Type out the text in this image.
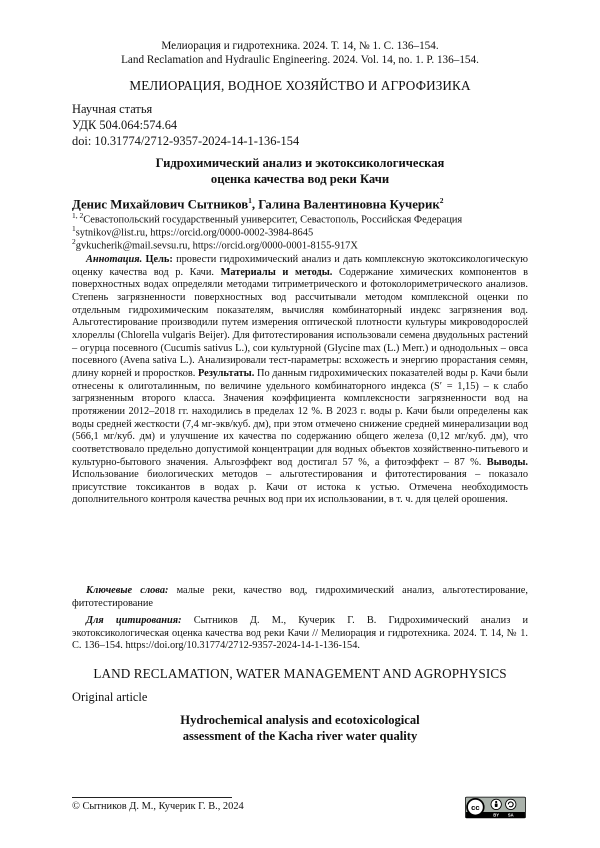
Мелиорация и гидротехника. 2024. Т. 14, № 1. С. 136–154.
Land Reclamation and Hydraulic Engineering. 2024. Vol. 14, no. 1. P. 136–154.
МЕЛИОРАЦИЯ, ВОДНОЕ ХОЗЯЙСТВО И АГРОФИЗИКА
Научная статья
УДК 504.064:574.64
doi: 10.31774/2712-9357-2024-14-1-136-154
Гидрохимический анализ и экотоксикологическая
оценка качества вод реки Качи
Денис Михайлович Сытников$^1$, Галина Валентиновна Кучерик$^2$
$^{1, 2}$Севастопольский государственный университет, Севастополь, Российская Федерация
$^1$sytnikov@list.ru, https://orcid.org/0000-0002-3984-8645
$^2$gvkucherik@mail.sevsu.ru, https://orcid.org/0000-0001-8155-917X
Аннотация. Цель: провести гидрохимический анализ и дать комплексную экотоксикологическую оценку качества вод р. Качи. Материалы и методы. Содержание химических компонентов в поверхностных водах определяли методами титриметрического и фотоколориметрического анализов. Степень загрязненности поверхностных вод рассчитывали методом комплексной оценки по отдельным гидрохимическим показателям, вычисляя комбинаторный индекс загрязнения вод. Альготестирование производили путем измерения оптической плотности культуры микроводорослей хлореллы (Chlorella vulgaris Beijer). Для фитотестирования использовали семена двудольных растений – огурца посевного (Cucumis sativus L.), сои культурной (Glycine max (L.) Merr.) и однодольных – овса посевного (Avena sativa L.). Анализировали тест-параметры: всхожесть и энергию прорастания семян, длину корней и проростков. Результаты. По данным гидрохимических показателей воды р. Качи были отнесены к олиготалинным, по величине удельного комбинаторного индекса (S′ = 1,15) – к слабо загрязненным второго класса. Значения коэффициента комплексности загрязненности вод на протяжении 2012–2018 гг. находились в пределах 12 %. В 2023 г. воды р. Качи были определены как воды средней жесткости (7,4 мг-экв/куб. дм), при этом отмечено снижение средней минерализации вод (566,1 мг/куб. дм) и улучшение их качества по содержанию общего железа (0,12 мг/куб. дм), что соответствовало предельно допустимой концентрации для водных объектов хозяйственно-питьевого и культурно-бытового значения. Альгоэффект вод достигал 57 %, а фитоэффект – 87 %. Выводы. Использование биологических методов – альготестирования и фитотестирования – показало присутствие токсикантов в водах р. Качи от истока к устью. Отмечена необходимость дополнительного контроля качества речных вод при их использовании, в т. ч. для целей орошения.
Ключевые слова: малые реки, качество вод, гидрохимический анализ, альготестирование, фитотестирование
Для цитирования: Сытников Д. М., Кучерик Г. В. Гидрохимический анализ и экотоксикологическая оценка качества вод реки Качи // Мелиорация и гидротехника. 2024. Т. 14, № 1. С. 136–154. https://doi.org/10.31774/2712-9357-2024-14-1-136-154.
LAND RECLAMATION, WATER MANAGEMENT AND AGROPHYSICS
Original article
Hydrochemical analysis and ecotoxicological
assessment of the Kacha river water quality
© Сытников Д. М., Кучерик Г. В., 2024	cc
BY SA
